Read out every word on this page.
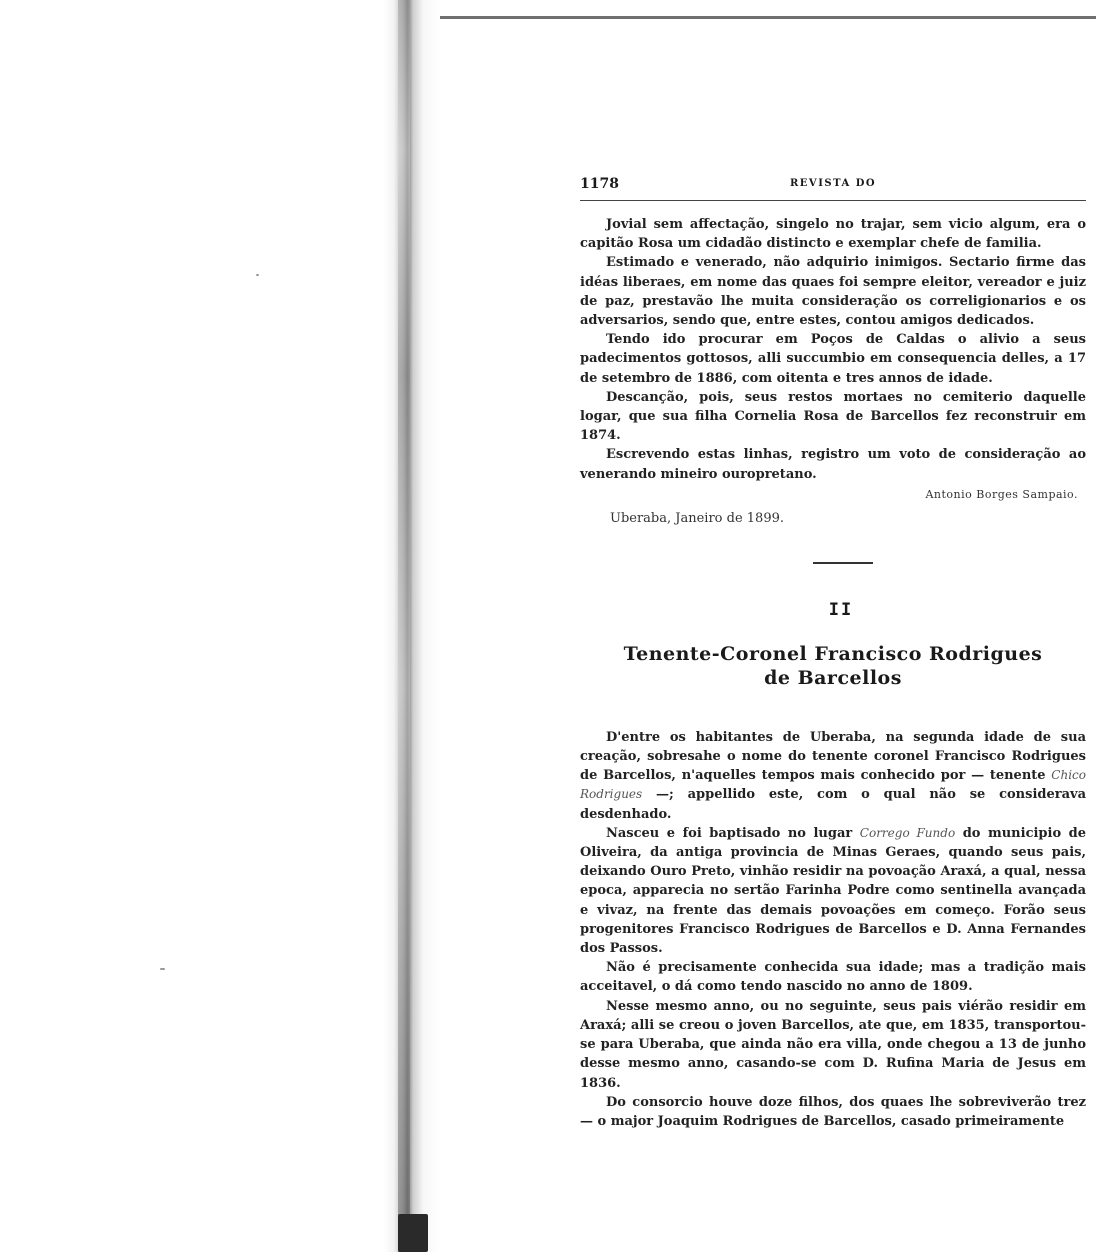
1178	REVISTA DO

Jovial sem affectação, singelo no trajar, sem vicio algum, era o capitão Rosa um cidadão distincto e exemplar chefe de familia.

Estimado e venerado, não adquirio inimigos. Sectario firme das idéas liberaes, em nome das quaes foi sempre eleitor, vereador e juiz de paz, prestavão lhe muita consideração os correligionarios e os adversarios, sendo que, entre estes, contou amigos dedicados.

Tendo ido procurar em Poços de Caldas o alivio a seus padecimentos gottosos, alli succumbio em consequencia delles, a 17 de setembro de 1886, com oitenta e tres annos de idade.

Descanção, pois, seus restos mortaes no cemiterio daquelle logar, que sua filha Cornelia Rosa de Barcellos fez reconstruir em 1874.

Escrevendo estas linhas, registro um voto de consideração ao venerando mineiro ouropretano.

Antonio Borges Sampaio.
Uberaba, Janeiro de 1899.
II
Tenente-Coronel Francisco Rodrigues
de Barcellos

D'entre os habitantes de Uberaba, na segunda idade de sua creação, sobresahe o nome do tenente coronel Francisco Rodrigues de Barcellos, n'aquelles tempos mais conhecido por — tenente Chico Rodrigues —; appellido este, com o qual não se considerava desdenhado.

Nasceu e foi baptisado no lugar Corrego Fundo do municipio de Oliveira, da antiga provincia de Minas Geraes, quando seus pais, deixando Ouro Preto, vinhão residir na povoação Araxá, a qual, nessa epoca, apparecia no sertão Farinha Podre como sentinella avançada e vivaz, na frente das demais povoações em começo. Forão seus progenitores Francisco Rodrigues de Barcellos e D. Anna Fernandes dos Passos.

Não é precisamente conhecida sua idade; mas a tradição mais acceitavel, o dá como tendo nascido no anno de 1809.

Nesse mesmo anno, ou no seguinte, seus pais viérão residir em Araxá; alli se creou o joven Barcellos, ate que, em 1835, transportou-se para Uberaba, que ainda não era villa, onde chegou a 13 de junho desse mesmo anno, casando-se com D. Rufina Maria de Jesus em 1836.

Do consorcio houve doze filhos, dos quaes lhe sobreviverão trez — o major Joaquim Rodrigues de Barcellos, casado primeiramente
